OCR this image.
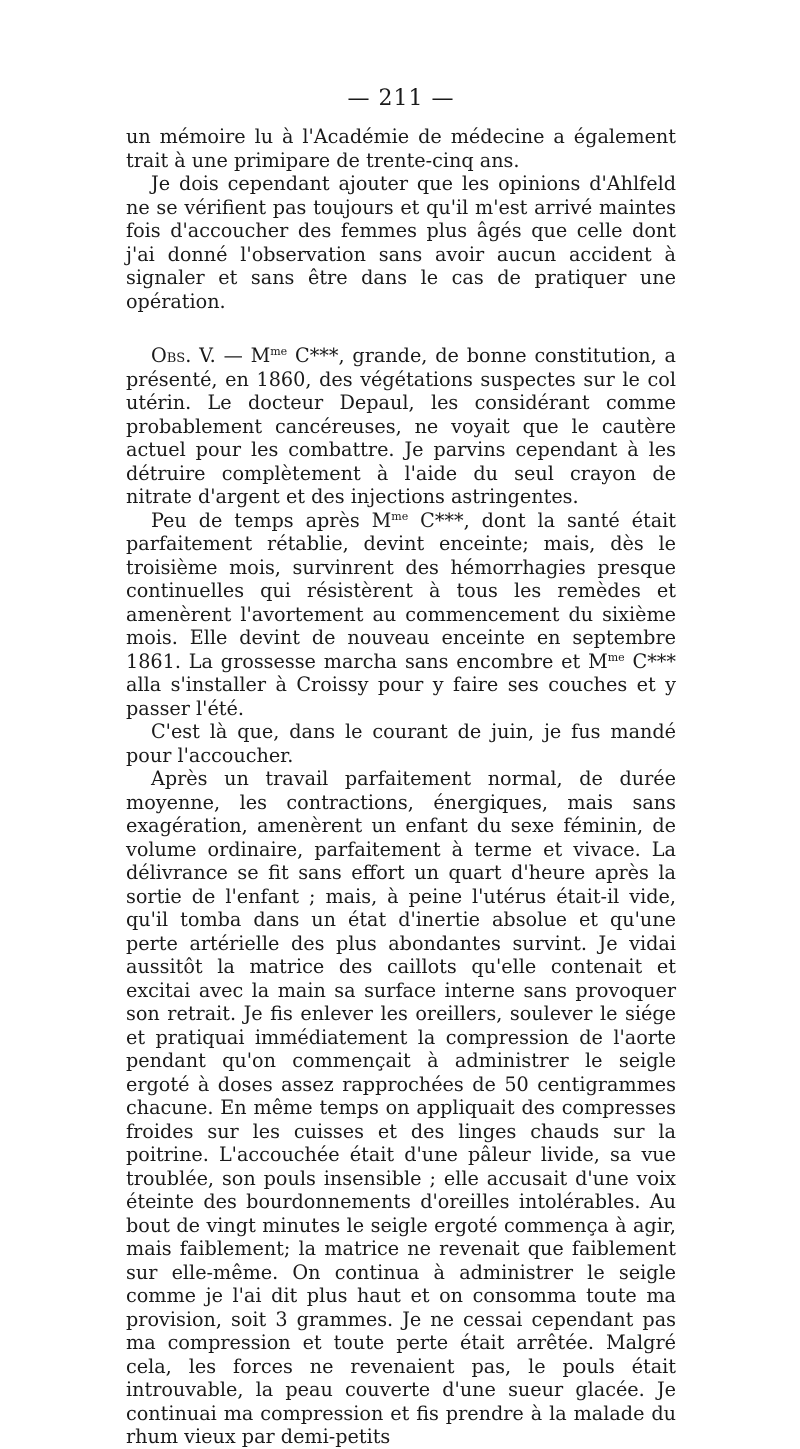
— 211 —

un mémoire lu à l'Académie de médecine a également trait à une primipare de trente-cinq ans.

Je dois cependant ajouter que les opinions d'Ahlfeld ne se vérifient pas toujours et qu'il m'est arrivé maintes fois d'accoucher des femmes plus âgés que celle dont j'ai donné l'observation sans avoir aucun accident à signaler et sans être dans le cas de pratiquer une opération.

Obs. V. — $M^{me}$ C***, grande, de bonne constitution, a présenté, en 1860, des végétations suspectes sur le col utérin. Le docteur Depaul, les considérant comme probablement cancéreuses, ne voyait que le cautère actuel pour les combattre. Je parvins cependant à les détruire complètement à l'aide du seul crayon de nitrate d'argent et des injections astringentes.

Peu de temps après $M^{me}$ C***, dont la santé était parfaitement rétablie, devint enceinte; mais, dès le troisième mois, survinrent des hémorrhagies presque continuelles qui résistèrent à tous les remèdes et amenèrent l'avortement au commencement du sixième mois. Elle devint de nouveau enceinte en septembre 1861. La grossesse marcha sans encombre et $M^{me}$ C*** alla s'installer à Croissy pour y faire ses couches et y passer l'été.

C'est là que, dans le courant de juin, je fus mandé pour l'accoucher.

Après un travail parfaitement normal, de durée moyenne, les contractions, énergiques, mais sans exagération, amenèrent un enfant du sexe féminin, de volume ordinaire, parfaitement à terme et vivace. La délivrance se fit sans effort un quart d'heure après la sortie de l'enfant ; mais, à peine l'utérus était-il vide, qu'il tomba dans un état d'inertie absolue et qu'une perte artérielle des plus abondantes survint. Je vidai aussitôt la matrice des caillots qu'elle contenait et excitai avec la main sa surface interne sans provoquer son retrait. Je fis enlever les oreillers, soulever le siége et pratiquai immédiatement la compression de l'aorte pendant qu'on commençait à administrer le seigle ergoté à doses assez rapprochées de 50 centigrammes chacune. En même temps on appliquait des compresses froides sur les cuisses et des linges chauds sur la poitrine. L'accouchée était d'une pâleur livide, sa vue troublée, son pouls insensible ; elle accusait d'une voix éteinte des bourdonnements d'oreilles intolérables. Au bout de vingt minutes le seigle ergoté commença à agir, mais faiblement; la matrice ne revenait que faiblement sur elle-même. On continua à administrer le seigle comme je l'ai dit plus haut et on consomma toute ma provision, soit 3 grammes. Je ne cessai cependant pas ma compression et toute perte était arrêtée. Malgré cela, les forces ne revenaient pas, le pouls était introuvable, la peau couverte d'une sueur glacée. Je continuai ma compression et fis prendre à la malade du rhum vieux par demi-petits
